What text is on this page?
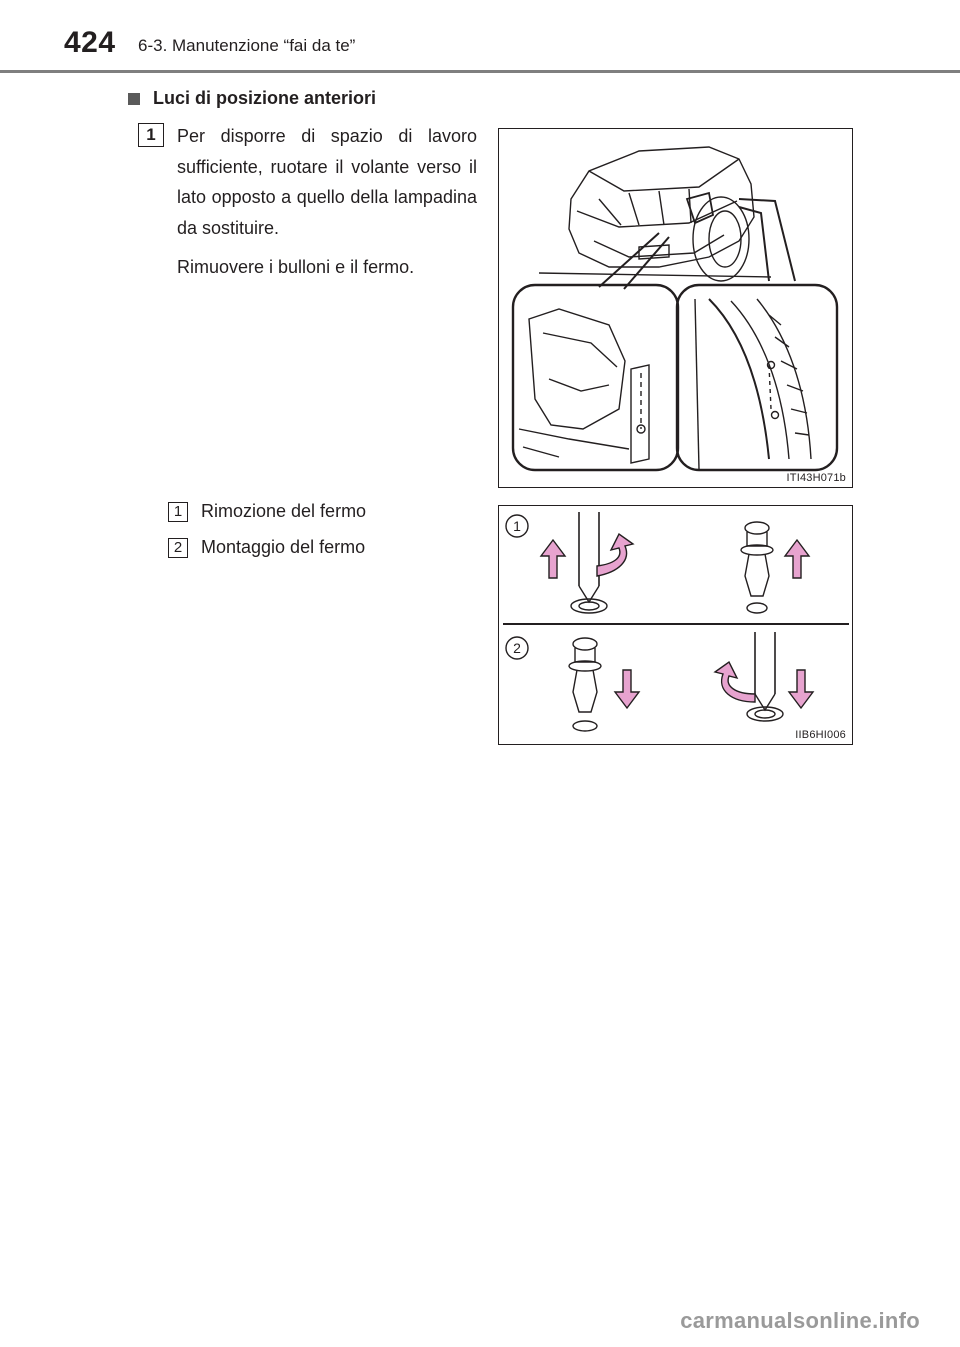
424 6-3. Manutenzione “fai da te”
Luci di posizione anteriori
1	Per disporre di spazio di lavoro sufficiente, ruotare il volante verso il lato opposto a quello della lampadina da sostituire.

Rimuovere i bulloni e il fermo.

ITI43H071b
1	Rimozione del fermo
2	Montaggio del fermo
1
2
IIB6HI006
carmanualsonline.info
